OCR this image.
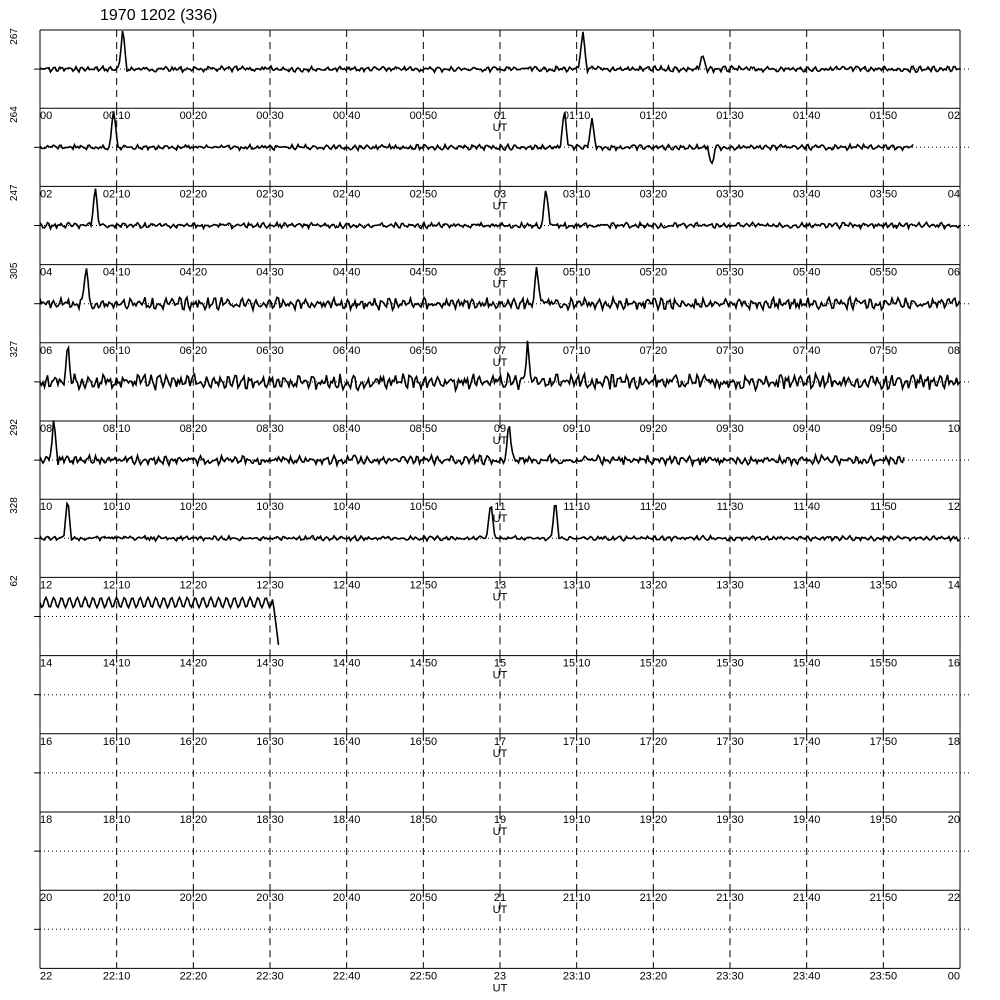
1970 1202 (336)
00	00:10	00:20	00:30	00:40	00:50	01	01:10	01:20	01:30	01:40	01:50	02
UT
267
02	02:10	02:20	02:30	02:40	02:50	03	03:10	03:20	03:30	03:40	03:50	04
UT
264
04	04:10	04:20	04:30	04:40	04:50	05	05:10	05:20	05:30	05:40	05:50	06
UT
247
06	06:10	06:20	06:30	06:40	06:50	07	07:10	07:20	07:30	07:40	07:50	08
UT
305
08	08:10	08:20	08:30	08:40	08:50	09	09:10	09:20	09:30	09:40	09:50	10
UT
327
10	10:10	10:20	10:30	10:40	10:50	11	11:10	11:20	11:30	11:40	11:50	12
UT
292
12	12:10	12:20	12:30	12:40	12:50	13	13:10	13:20	13:30	13:40	13:50	14
UT
328
14	14:10	14:20	14:30	14:40	14:50	15	15:10	15:20	15:30	15:40	15:50	16
UT
62
16	16:10	16:20	16:30	16:40	16:50	17	17:10	17:20	17:30	17:40	17:50	18
UT
18	18:10	18:20	18:30	18:40	18:50	19	19:10	19:20	19:30	19:40	19:50	20
UT
20	20:10	20:20	20:30	20:40	20:50	21	21:10	21:20	21:30	21:40	21:50	22
UT
22	22:10	22:20	22:30	22:40	22:50	23	23:10	23:20	23:30	23:40	23:50	00
UT
